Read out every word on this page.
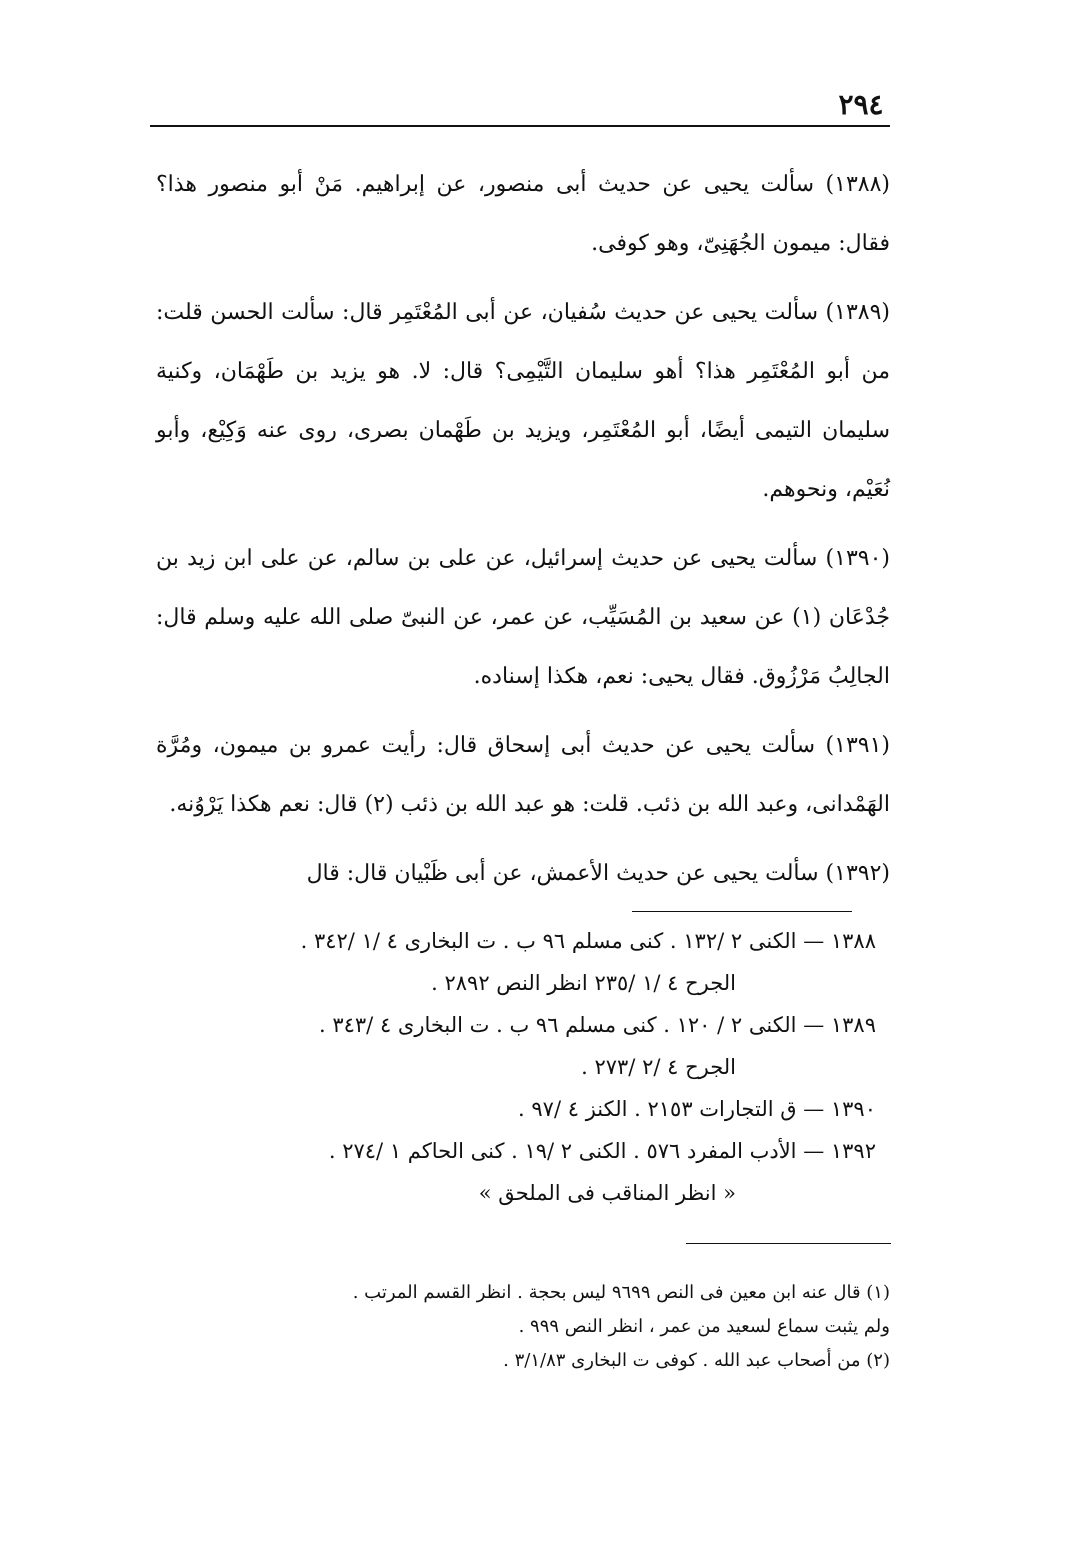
٢٩٤

(١٣٨٨) سألت يحيى عن حديث أبى منصور، عن إبراهيم. مَنْ أبو منصور هذا؟ فقال: ميمون الجُهَنِىّ، وهو كوفى.

(١٣٨٩) سألت يحيى عن حديث سُفيان، عن أبى المُعْتَمِر قال: سألت الحسن قلت: من أبو المُعْتَمِر هذا؟ أهو سليمان التَّيْمِى؟ قال: لا. هو يزيد بن طَهْمَان، وكنية سليمان التيمى أيضًا، أبو المُعْتَمِر، ويزيد بن طَهْمان بصرى، روى عنه وَكِيْع، وأبو نُعَيْم، ونحوهم.

(١٣٩٠) سألت يحيى عن حديث إسرائيل، عن على بن سالم، عن على ابن زيد بن جُدْعَان (١) عن سعيد بن المُسَيِّب، عن عمر، عن النبىّ صلى الله عليه وسلم قال: الجالِبُ مَرْزُوق. فقال يحيى: نعم، هكذا إسناده.

(١٣٩١) سألت يحيى عن حديث أبى إسحاق قال: رأيت عمرو بن ميمون، ومُرَّة الهَمْدانى، وعبد الله بن ذئب. قلت: هو عبد الله بن ذئب (٢) قال: نعم هكذا يَرْوُنه.

(١٣٩٢) سألت يحيى عن حديث الأعمش، عن أبى ظَبْيان قال: قال

١٣٨٨ — الكنى ٢ /١٣٢ . كنى مسلم ٩٦ ب . ت البخارى ٤ /١ /٣٤٢ .
الجرح ٤ /١ /٢٣٥ انظر النص ٢٨٩٢ .

١٣٨٩ — الكنى ٢ / ١٢٠ . كنى مسلم ٩٦ ب . ت البخارى ٤ /٣٤٣ .
الجرح ٤ /٢ /٢٧٣ .

١٣٩٠ — ق التجارات ٢١٥٣ . الكنز ٤ /٩٧ .

١٣٩٢ — الأدب المفرد ٥٧٦ . الكنى ٢ /١٩ . كنى الحاكم ١ /٢٧٤ .
« انظر المناقب فى الملحق »

(١) قال عنه ابن معين فى النص ٩٦٩٩ ليس بحجة . انظر القسم المرتب .

ولم يثبت سماع لسعيد من عمر ، انظر النص ٩٩٩ .

(٢) من أصحاب عبد الله . كوفى ت البخارى ٣/١/٨٣ .
